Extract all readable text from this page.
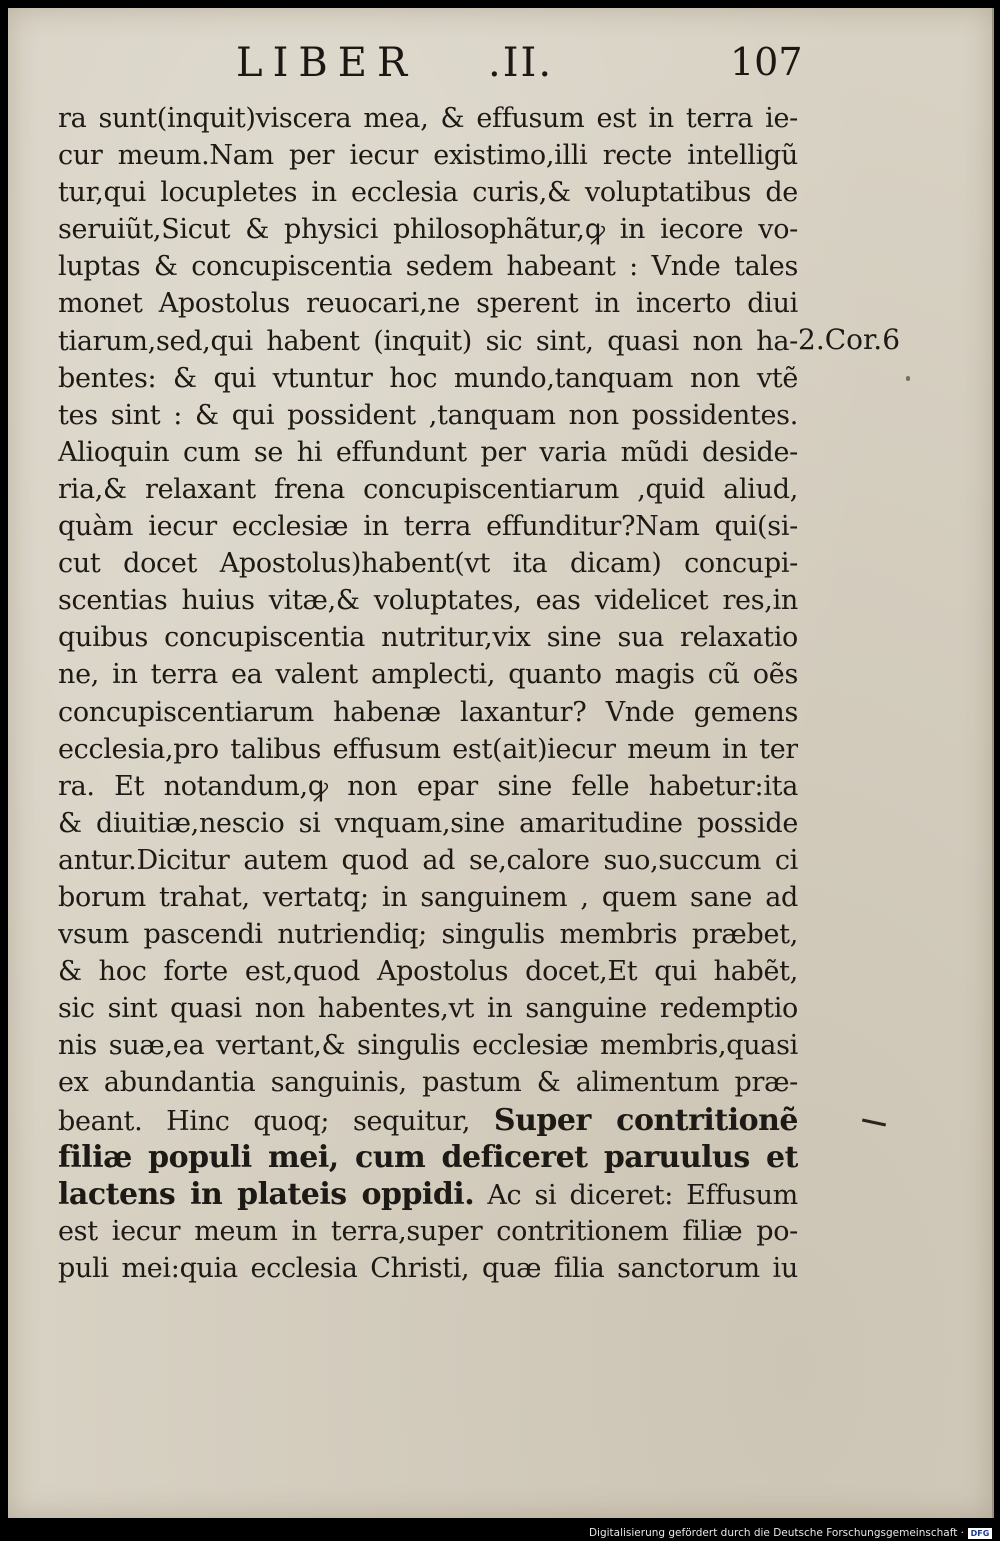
LIBER .II.	107
ra sunt(inquit)viscera mea, & effusum est in terra ie-
cur meum.Nam per iecur existimo,illi recte intelligũ
tur,qui locupletes in ecclesia curis,& voluptatibus de
seruiũt,Sicut & physici philosophãtur,ꝙ in iecore vo-
luptas & concupiscentia sedem habeant : Vnde tales
monet Apostolus reuocari,ne sperent in incerto diui
tiarum,sed,qui habent (inquit) sic sint, quasi non ha-
bentes: & qui vtuntur hoc mundo,tanquam non vtẽ
tes sint : & qui possident ,tanquam non possidentes.
Alioquin cum se hi effundunt per varia mũdi deside-
ria,& relaxant frena concupiscentiarum ,quid aliud,
quàm iecur ecclesiæ in terra effunditur?Nam qui(si-
cut docet Apostolus)habent(vt ita dicam) concupi-
scentias huius vitæ,& voluptates, eas videlicet res,in
quibus concupiscentia nutritur,vix sine sua relaxatio
ne, in terra ea valent amplecti, quanto magis cũ oẽs
concupiscentiarum habenæ laxantur? Vnde gemens
ecclesia,pro talibus effusum est(ait)iecur meum in ter
ra. Et notandum,ꝙ non epar sine felle habetur:ita
& diuitiæ,nescio si vnquam,sine amaritudine posside
antur.Dicitur autem quod ad se,calore suo,succum ci
borum trahat, vertatq; in sanguinem , quem sane ad
vsum pascendi nutriendiq; singulis membris præbet,
& hoc forte est,quod Apostolus docet,Et qui habẽt,
sic sint quasi non habentes,vt in sanguine redemptio
nis suæ,ea vertant,& singulis ecclesiæ membris,quasi
ex abundantia sanguinis, pastum & alimentum præ-
beant. Hinc quoq; sequitur, Super contritionẽ
filiæ populi mei, cum deficeret paruulus et
lactens in plateis oppidi. Ac si diceret: Effusum
est iecur meum in terra,super contritionem filiæ po-
puli mei:quia ecclesia Christi, quæ filia sanctorum iu
2.Cor.6
Digitalisierung gefördert durch die Deutsche Forschungsgemeinschaft · DFG
